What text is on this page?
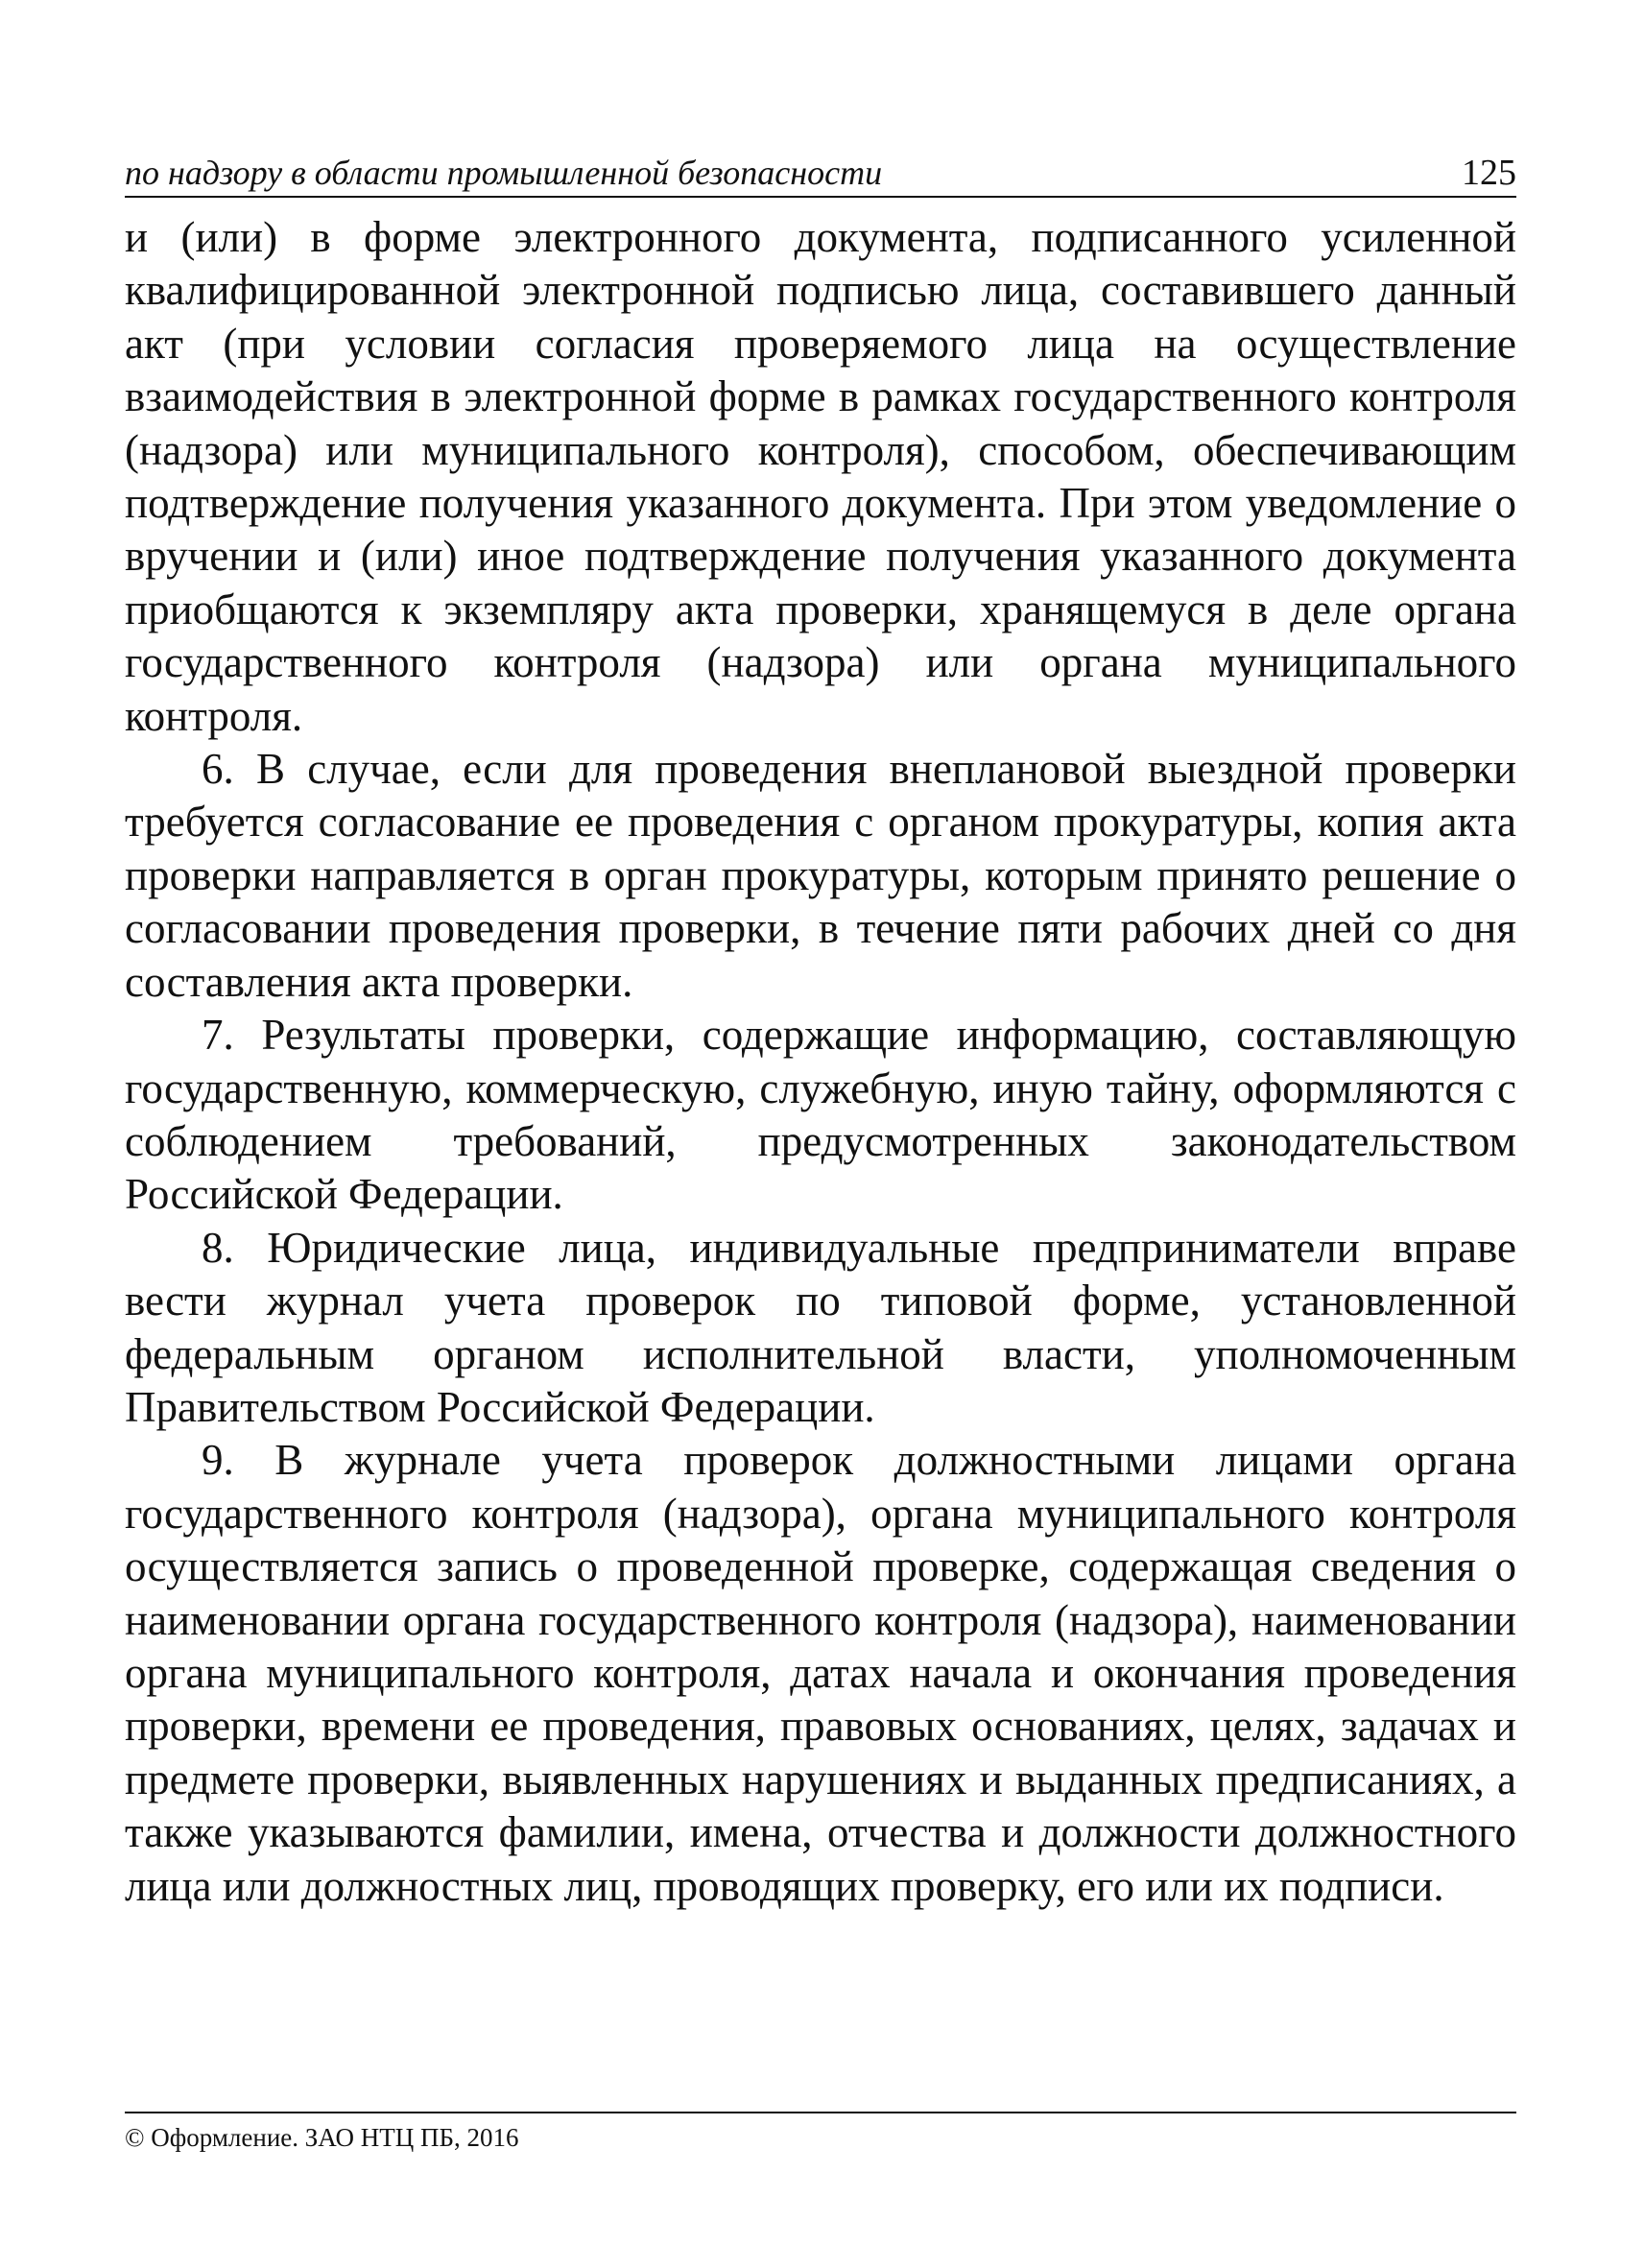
по надзору в области промышленной безопасности	125

и (или) в форме электронного документа, подписанного усиленной квалифицированной электронной подписью лица, составившего данный акт (при условии согласия проверяемого лица на осуществление взаимодействия в электронной форме в рамках государственного контроля (надзора) или муниципального контроля), способом, обеспечивающим подтверждение получения указанного документа. При этом уведомление о вручении и (или) иное подтверждение получения указанного документа приобщаются к экземпляру акта проверки, хранящемуся в деле органа государственного контроля (надзора) или органа муниципального контроля.

6. В случае, если для проведения внеплановой выездной проверки требуется согласование ее проведения с органом прокуратуры, копия акта проверки направляется в орган прокуратуры, которым принято решение о согласовании проведения проверки, в течение пяти рабочих дней со дня составления акта проверки.

7. Результаты проверки, содержащие информацию, составляющую государственную, коммерческую, служебную, иную тайну, оформляются с соблюдением требований, предусмотренных законодательством Российской Федерации.

8. Юридические лица, индивидуальные предприниматели вправе вести журнал учета проверок по типовой форме, установленной федеральным органом исполнительной власти, уполномоченным Правительством Российской Федерации.

9. В журнале учета проверок должностными лицами органа государственного контроля (надзора), органа муниципального контроля осуществляется запись о проведенной проверке, содержащая сведения о наименовании органа государственного контроля (надзора), наименовании органа муниципального контроля, датах начала и окончания проведения проверки, времени ее проведения, правовых основаниях, целях, задачах и предмете проверки, выявленных нарушениях и выданных предписаниях, а также указываются фамилии, имена, отчества и должности должностного лица или должностных лиц, проводящих проверку, его или их подписи.

© Оформление. ЗАО НТЦ ПБ, 2016
